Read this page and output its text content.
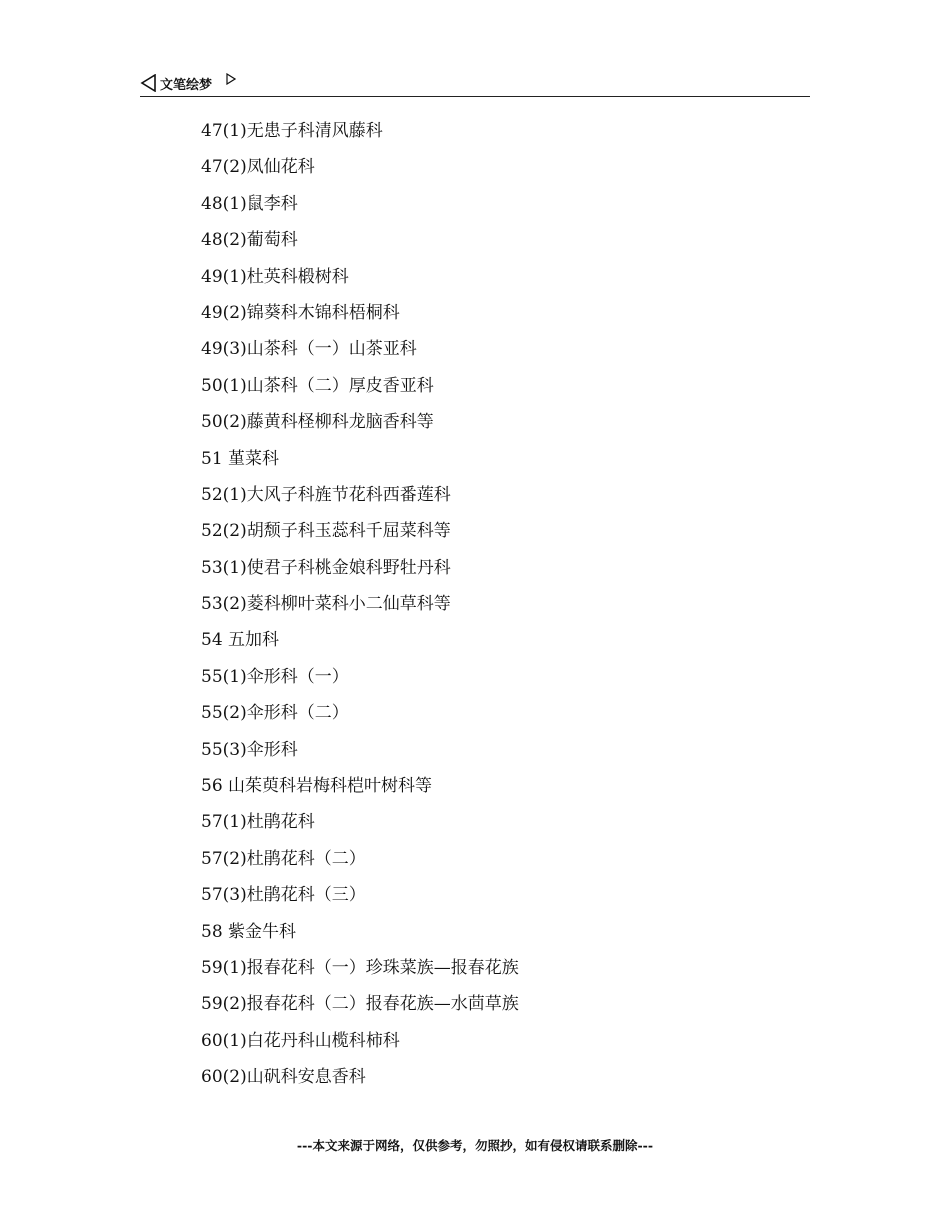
文笔绘梦
47(1)无患子科清风藤科
47(2)凤仙花科
48(1)鼠李科
48(2)葡萄科
49(1)杜英科椴树科
49(2)锦葵科木锦科梧桐科
49(3)山茶科（一）山茶亚科
50(1)山茶科（二）厚皮香亚科
50(2)藤黄科柽柳科龙脑香科等
51 堇菜科
52(1)大风子科旌节花科西番莲科
52(2)胡颓子科玉蕊科千屈菜科等
53(1)使君子科桃金娘科野牡丹科
53(2)菱科柳叶菜科小二仙草科等
54 五加科
55(1)伞形科（一）
55(2)伞形科（二）
55(3)伞形科
56 山茱萸科岩梅科桤叶树科等
57(1)杜鹃花科
57(2)杜鹃花科（二）
57(3)杜鹃花科（三）
58 紫金牛科
59(1)报春花科（一）珍珠菜族—报春花族
59(2)报春花科（二）报春花族—水茴草族
60(1)白花丹科山榄科柿科
60(2)山矾科安息香科
---本文来源于网络，仅供参考，勿照抄，如有侵权请联系删除---
